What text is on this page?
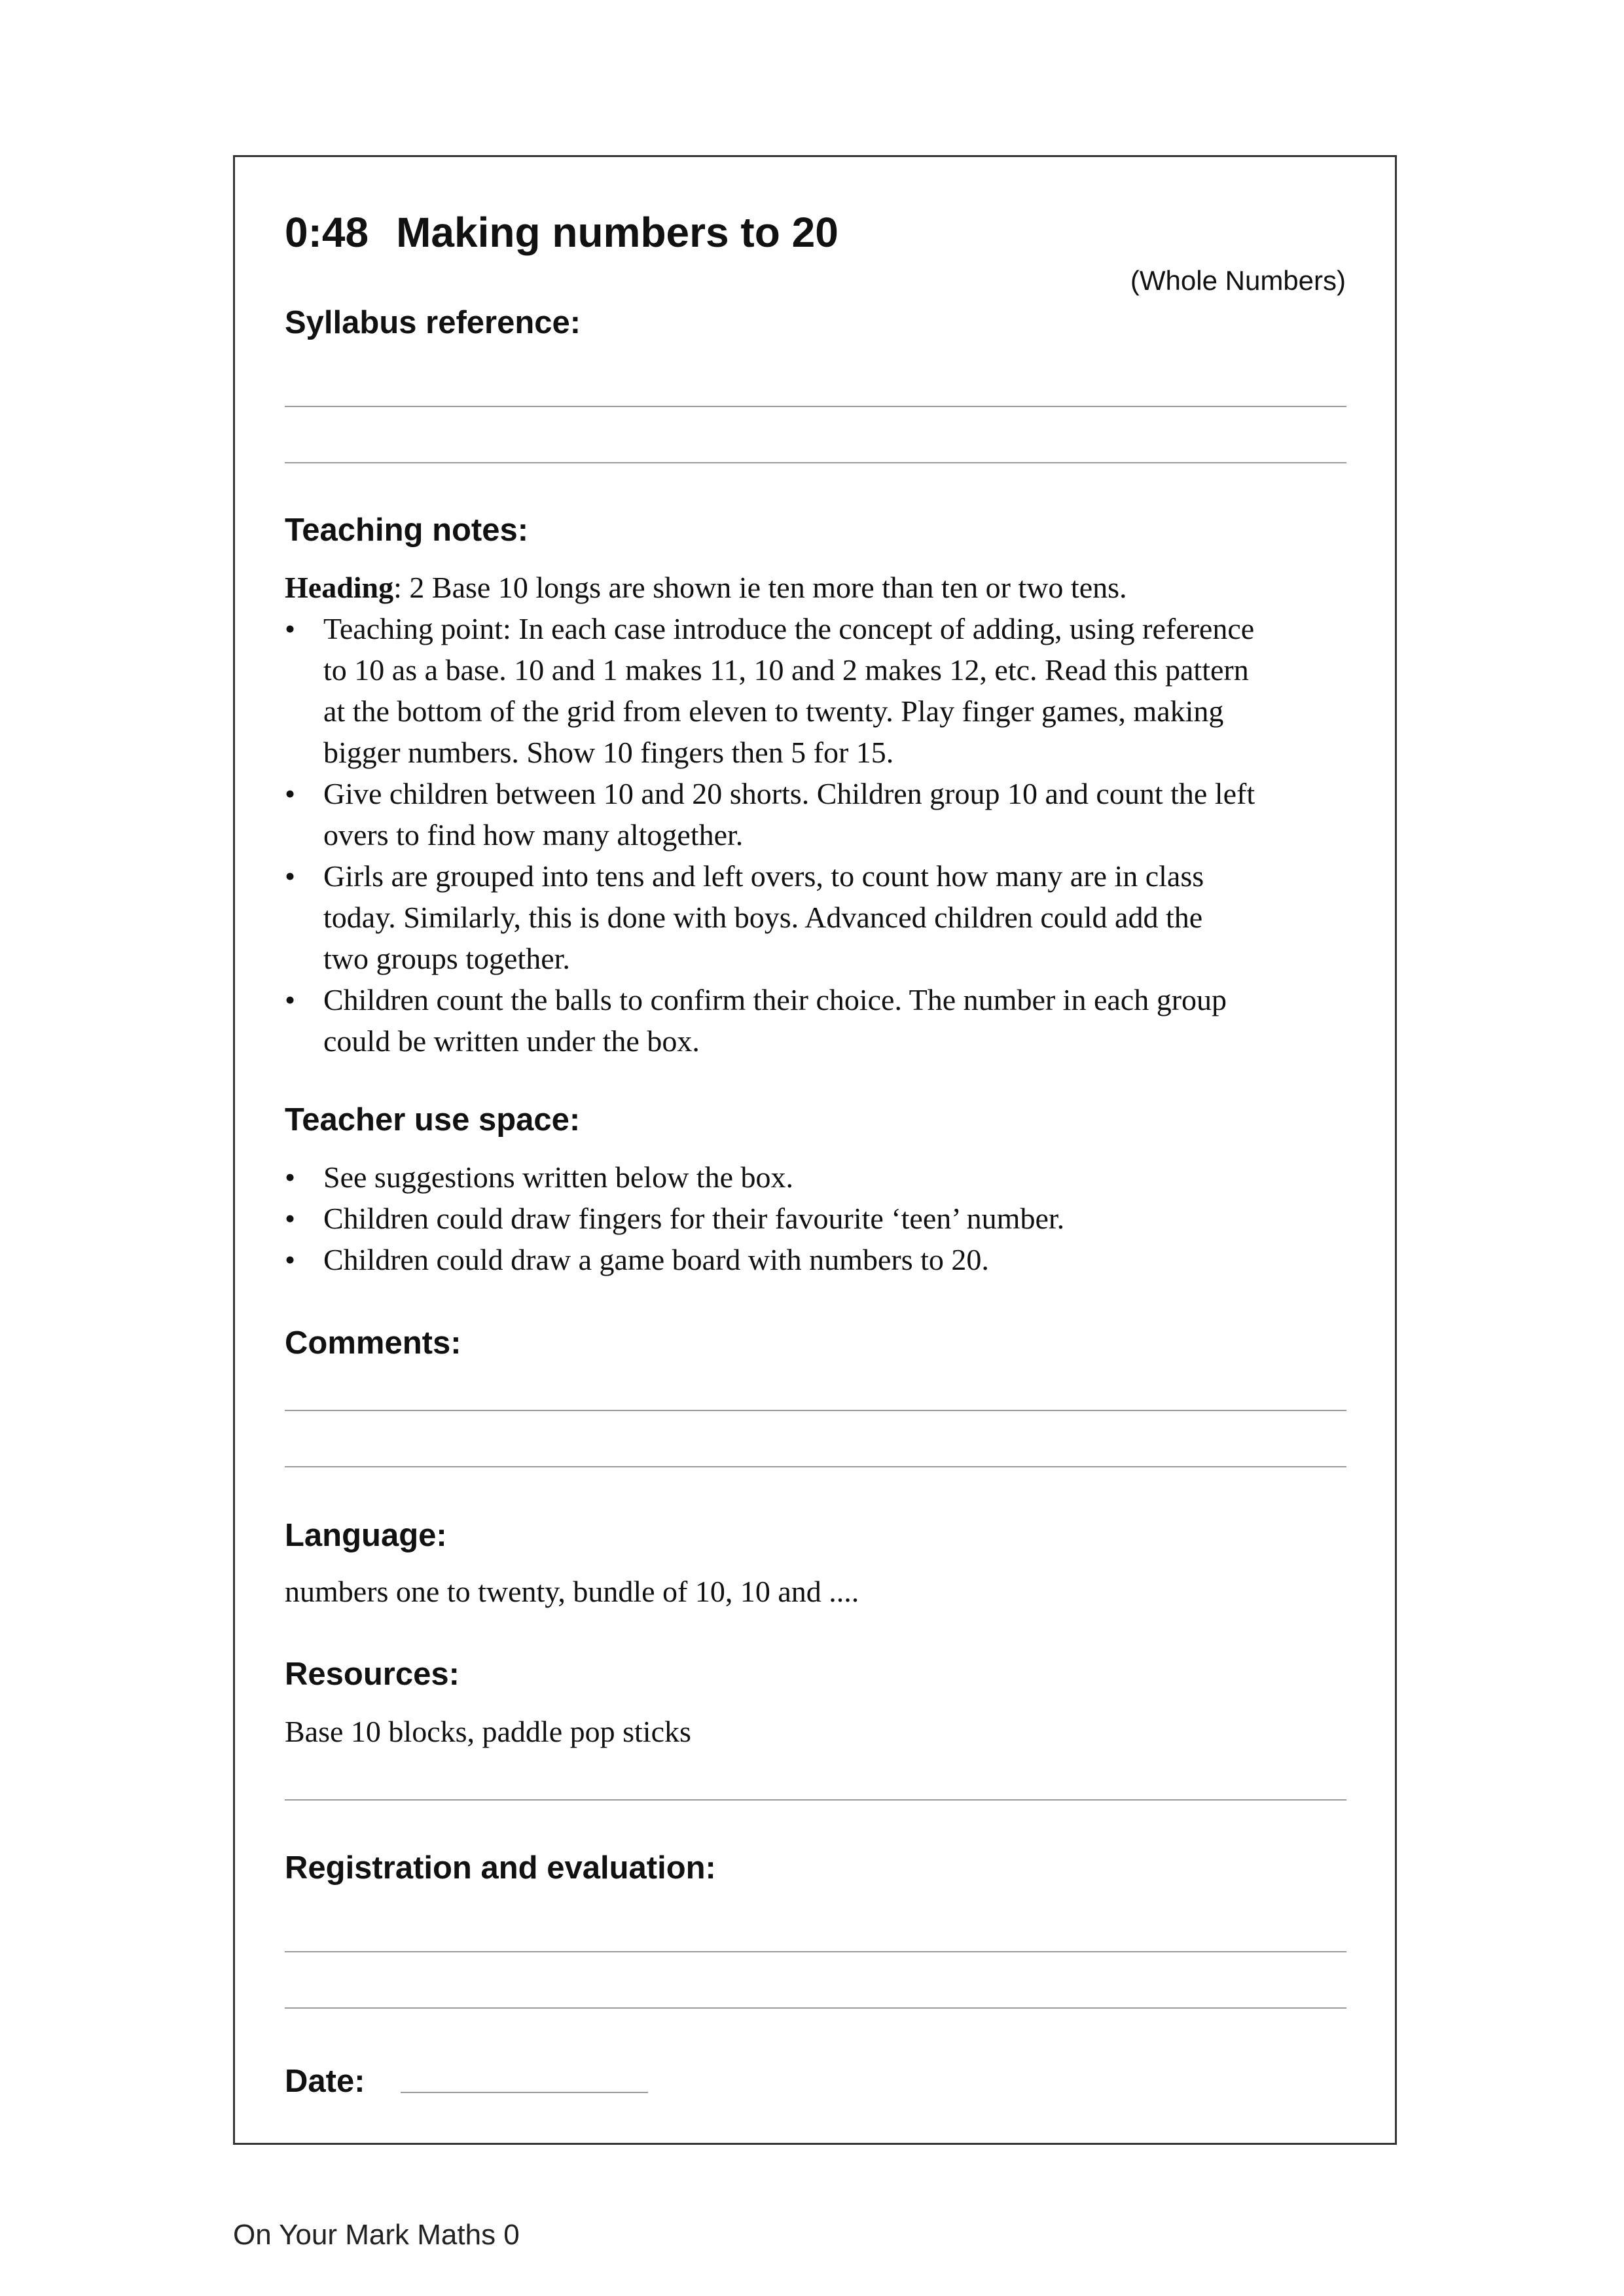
0:48 Making numbers to 20
(Whole Numbers)
Syllabus reference:
Teaching notes:
Heading: 2 Base 10 longs are shown ie ten more than ten or two tens.
• Teaching point: In each case introduce the concept of adding, using reference
to 10 as a base. 10 and 1 makes 11, 10 and 2 makes 12, etc. Read this pattern
at the bottom of the grid from eleven to twenty. Play finger games, making
bigger numbers. Show 10 fingers then 5 for 15.
• Give children between 10 and 20 shorts. Children group 10 and count the left
overs to find how many altogether.
• Girls are grouped into tens and left overs, to count how many are in class
today. Similarly, this is done with boys. Advanced children could add the
two groups together.
• Children count the balls to confirm their choice. The number in each group
could be written under the box.
Teacher use space:
• See suggestions written below the box.
• Children could draw fingers for their favourite ‘teen’ number.
• Children could draw a game board with numbers to 20.
Comments:
Language:
numbers one to twenty, bundle of 10, 10 and ....
Resources:
Base 10 blocks, paddle pop sticks
Registration and evaluation:
Date:
On Your Mark Maths 0
